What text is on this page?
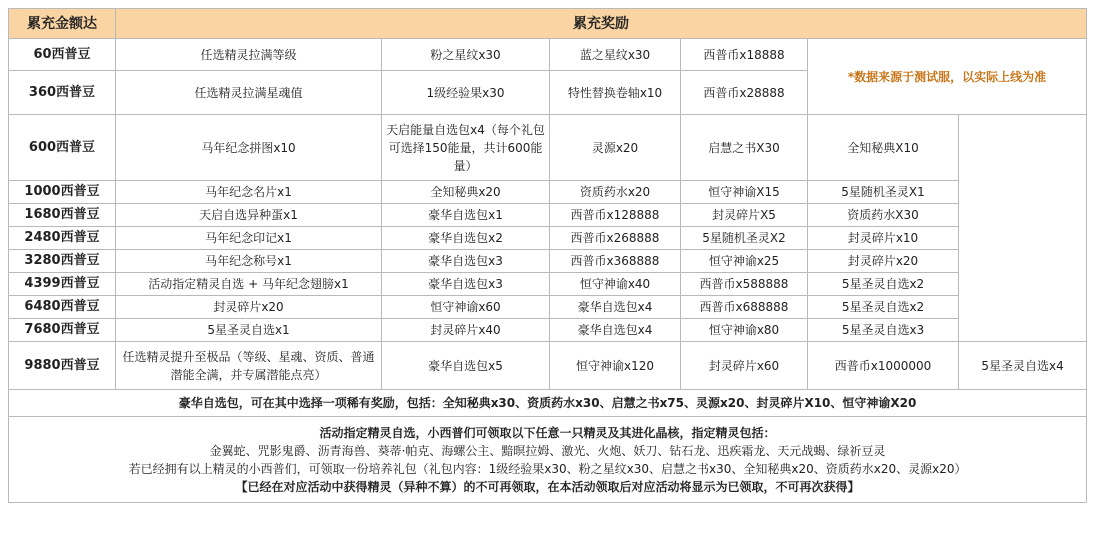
累充金额达	累充奖励					
60西普豆	任选精灵拉满等级	粉之星纹x30	蓝之星纹x30	西普币x18888	*数据来源于测试服，以实际上线为准	
360西普豆	任选精灵拉满星魂值	1级经验果x30	特性替换卷轴x10	西普币x28888		
600西普豆	马年纪念拼图x10	天启能量自选包x4（每个礼包可选择150能量，共计600能量）	灵源x20	启慧之书X30	全知秘典X10	
1000西普豆	马年纪念名片x1	全知秘典x20	资质药水x20	恒守神谕X15	5星随机圣灵X1	
1680西普豆	天启自选异种蛋x1	豪华自选包x1	西普币x128888	封灵碎片X5	资质药水X30	
2480西普豆	马年纪念印记x1	豪华自选包x2	西普币x268888	5星随机圣灵X2	封灵碎片x10	
3280西普豆	马年纪念称号x1	豪华自选包x3	西普币x368888	恒守神谕x25	封灵碎片x20	
4399西普豆	活动指定精灵自选 + 马年纪念翅膀x1	豪华自选包x3	恒守神谕x40	西普币x588888	5星圣灵自选x2	
6480西普豆	封灵碎片x20	恒守神谕x60	豪华自选包x4	西普币x688888	5星圣灵自选x2	
7680西普豆	5星圣灵自选x1	封灵碎片x40	豪华自选包x4	恒守神谕x80	5星圣灵自选x3	
9880西普豆	任选精灵提升至极品（等级、星魂、资质、普通潜能全满，并专属潜能点亮）	豪华自选包x5	恒守神谕x120	封灵碎片x60	西普币x1000000	5星圣灵自选x4
豪华自选包，可在其中选择一项稀有奖励，包括：全知秘典x30、资质药水x30、启慧之书x75、灵源x20、封灵碎片X10、恒守神谕X20						

活动指定精灵自选，小西普们可领取以下任意一只精灵及其进化晶核，指定精灵包括：
金翼蛇、咒影鬼爵、沥青海兽、葵蒂·帕克、海螺公主、黯暝拉姆、激光、火炮、妖刀、钻石龙、迅疾霜龙、天元战蝎、绿祈豆灵
若已经拥有以上精灵的小西普们，可领取一份培养礼包（礼包内容：1级经验果x30、粉之星纹x30、启慧之书x30、全知秘典x20、资质药水x20、灵源x20）
【已经在对应活动中获得精灵（异种不算）的不可再领取，在本活动领取后对应活动将显示为已领取，不可再次获得】						
